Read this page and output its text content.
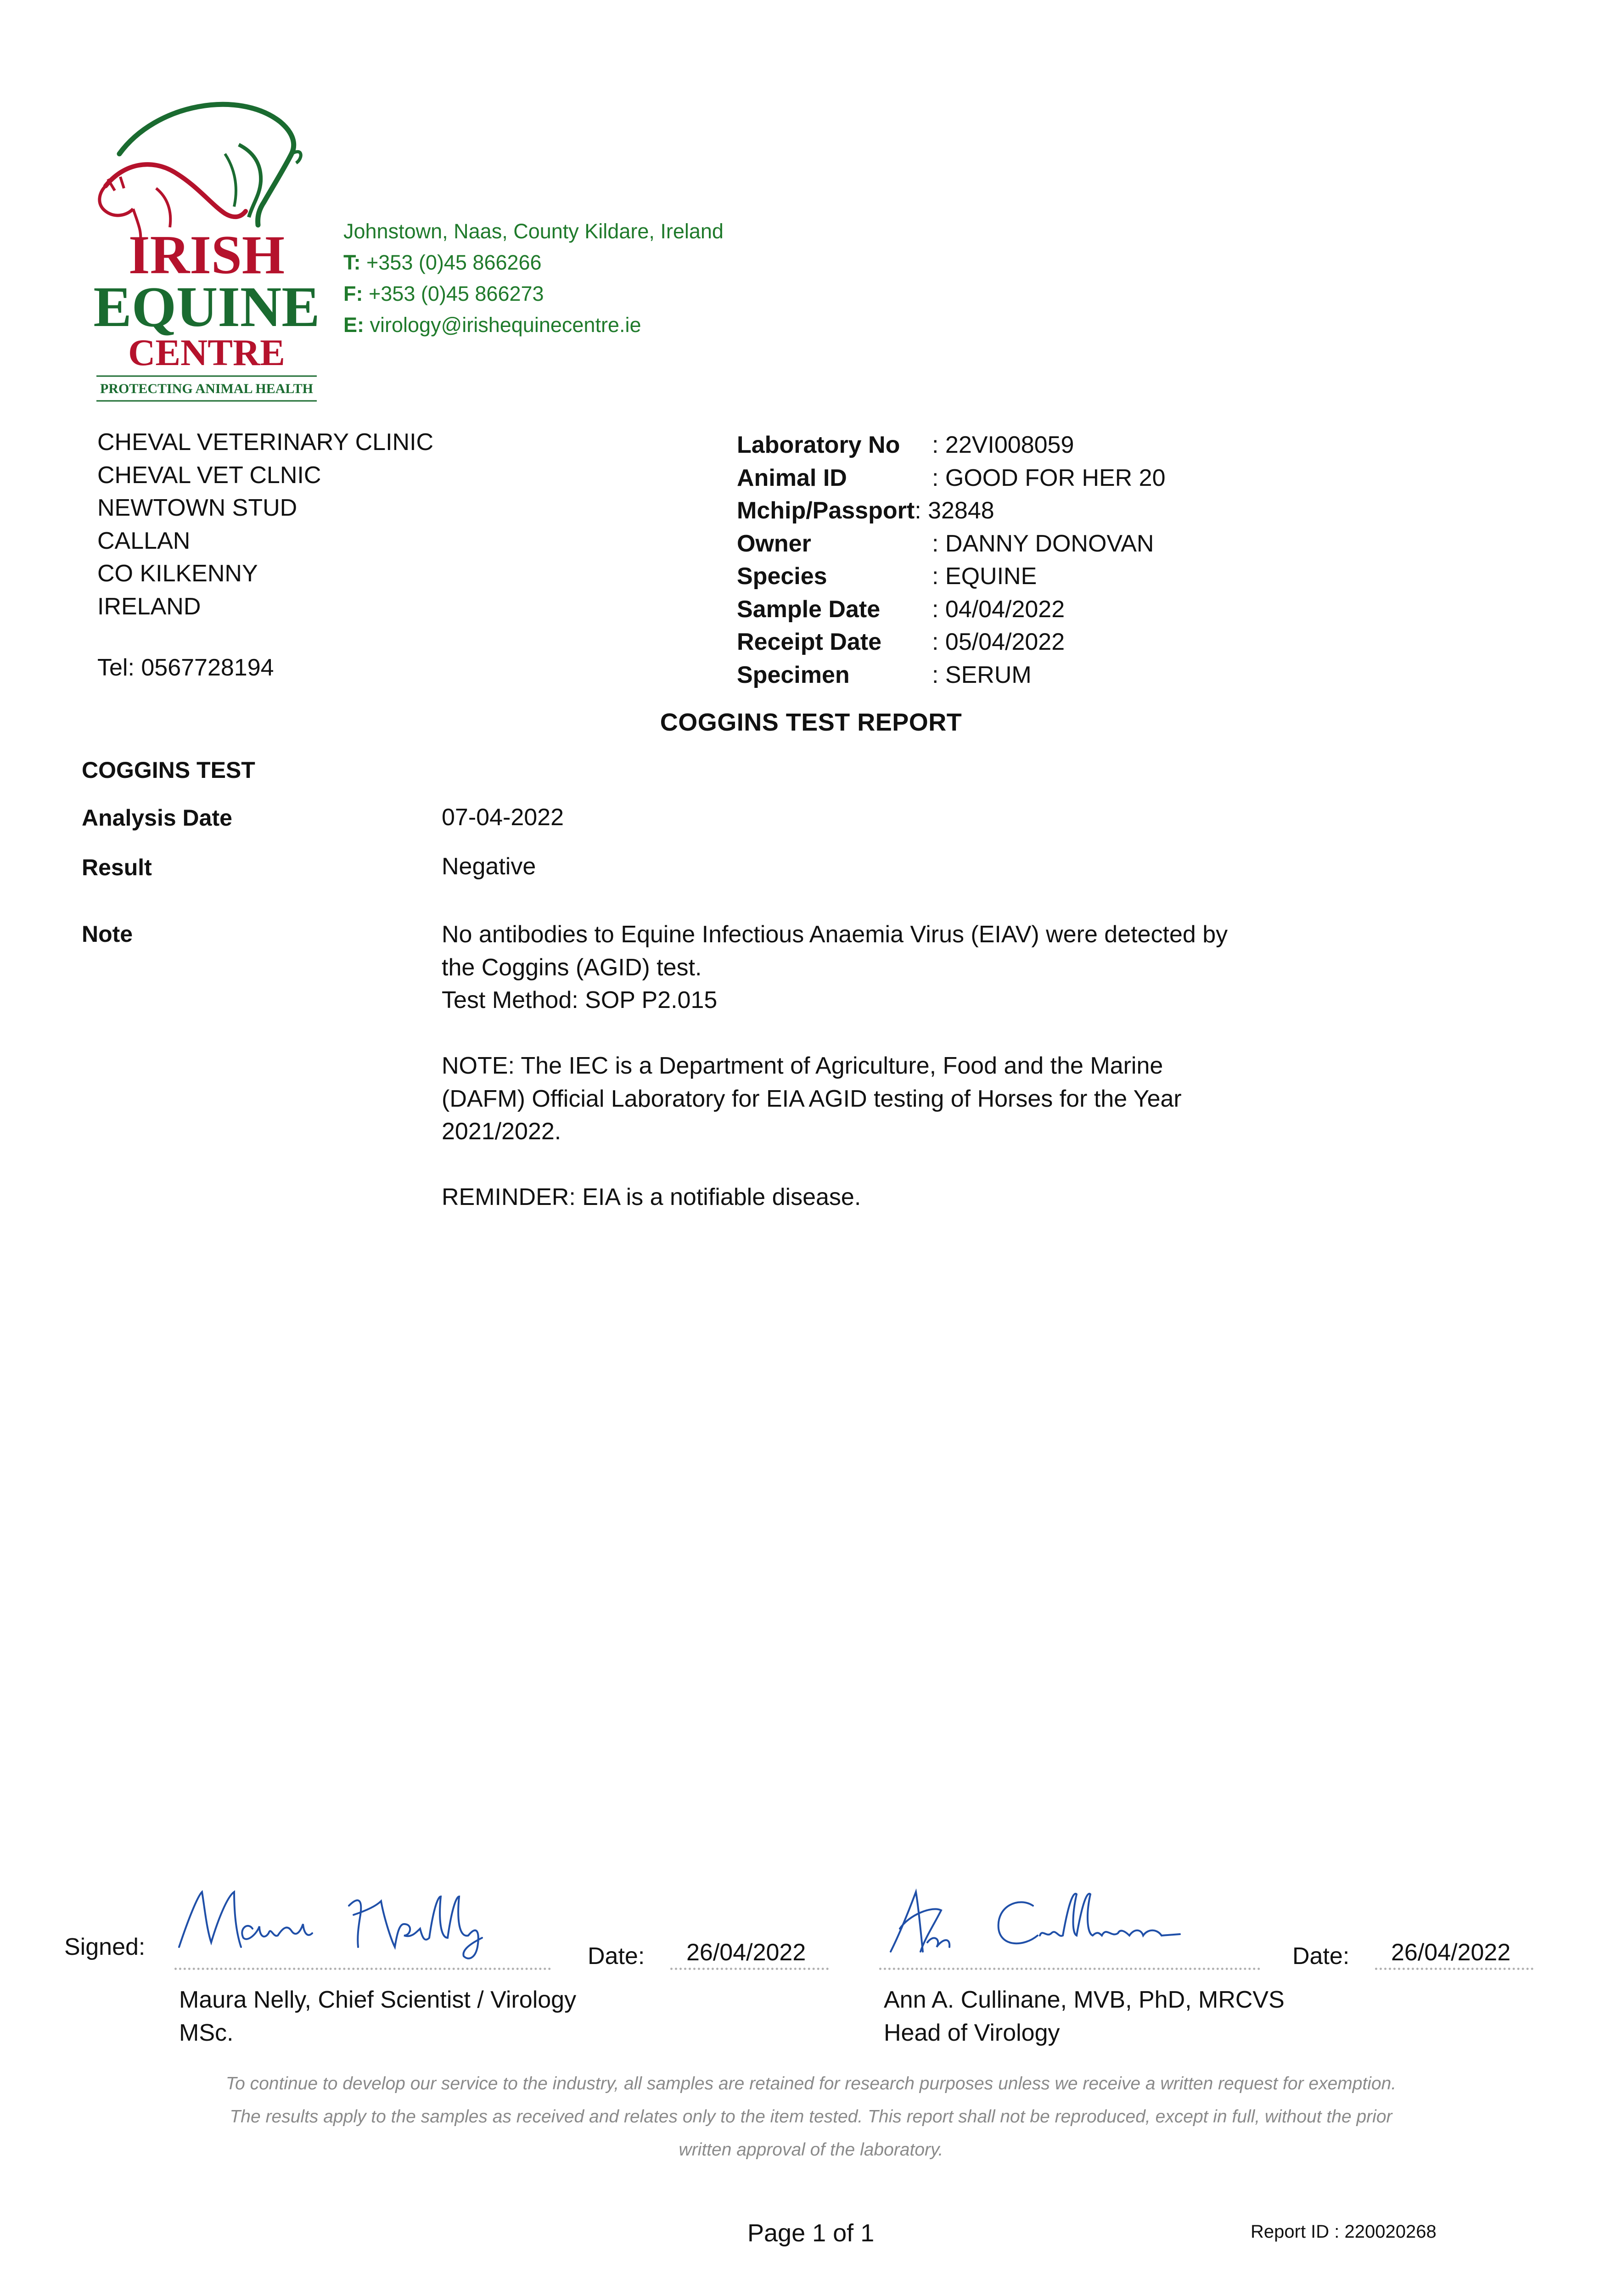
IRISH
EQUINE
CENTRE
PROTECTING ANIMAL HEALTH
Johnstown, Naas, County Kildare, Ireland
T: +353 (0)45 866266
F: +353 (0)45 866273
E: virology@irishequinecentre.ie
CHEVAL VETERINARY CLINIC
CHEVAL VET CLNIC
NEWTOWN STUD
CALLAN
CO KILKENNY
IRELAND
Tel: 0567728194
Laboratory No : 22VI008059
Animal ID	: GOOD FOR HER 20
Mchip/Passport: 32848
Owner	: DANNY DONOVAN
Species	: EQUINE
Sample Date : 04/04/2022
Receipt Date : 05/04/2022
Specimen	: SERUM
COGGINS TEST REPORT
COGGINS TEST
Analysis Date	07-04-2022
Result	Negative
Note	No antibodies to Equine Infectious Anaemia Virus (EIAV) were detected by
the Coggins (AGID) test.
Test Method: SOP P2.015

NOTE: The IEC is a Department of Agriculture, Food and the Marine
(DAFM) Official Laboratory for EIA AGID testing of Horses for the Year
2021/2022.

REMINDER: EIA is a notifiable disease.
Signed:	Date: 26/04/2022
Maura Nelly, Chief Scientist / Virology
MSc.
Date: 26/04/2022
Ann A. Cullinane, MVB, PhD, MRCVS
Head of Virology
To continue to develop our service to the industry, all samples are retained for research purposes unless we receive a written request for exemption.
The results apply to the samples as received and relates only to the item tested. This report shall not be reproduced, except in full, without the prior
written approval of the laboratory.
Page 1 of 1	Report ID : 220020268
